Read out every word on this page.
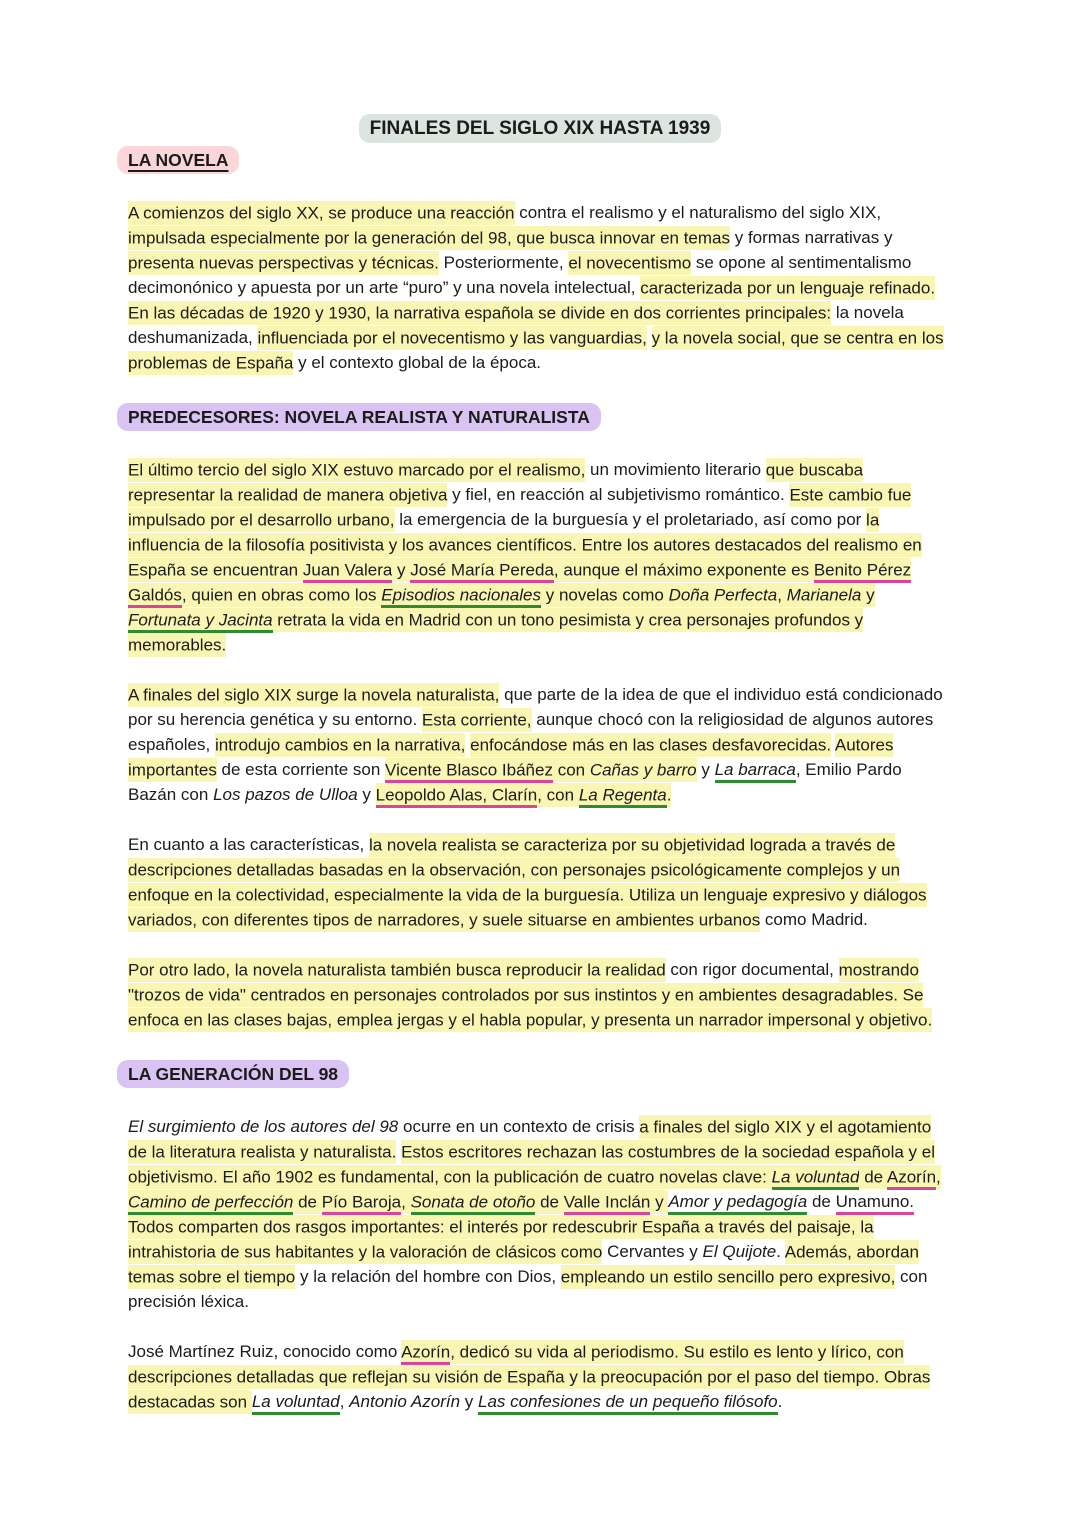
FINALES DEL SIGLO XIX HASTA 1939
LA NOVELA

A comienzos del siglo XX, se produce una reacción contra el realismo y el naturalismo del siglo XIX, impulsada especialmente por la generación del 98, que busca innovar en temas y formas narrativas y presenta nuevas perspectivas y técnicas. Posteriormente, el novecentismo se opone al sentimentalismo decimonónico y apuesta por un arte “puro” y una novela intelectual, caracterizada por un lenguaje refinado. En las décadas de 1920 y 1930, la narrativa española se divide en dos corrientes principales: la novela deshumanizada, influenciada por el novecentismo y las vanguardias, y la novela social, que se centra en los problemas de España y el contexto global de la época.

PREDECESORES: NOVELA REALISTA Y NATURALISTA

El último tercio del siglo XIX estuvo marcado por el realismo, un movimiento literario que buscaba representar la realidad de manera objetiva y fiel, en reacción al subjetivismo romántico. Este cambio fue impulsado por el desarrollo urbano, la emergencia de la burguesía y el proletariado, así como por la influencia de la filosofía positivista y los avances científicos. Entre los autores destacados del realismo en España se encuentran Juan Valera y José María Pereda, aunque el máximo exponente es Benito Pérez Galdós, quien en obras como los Episodios nacionales y novelas como Doña Perfecta, Marianela y Fortunata y Jacinta retrata la vida en Madrid con un tono pesimista y crea personajes profundos y memorables.

A finales del siglo XIX surge la novela naturalista, que parte de la idea de que el individuo está condicionado por su herencia genética y su entorno. Esta corriente, aunque chocó con la religiosidad de algunos autores españoles, introdujo cambios en la narrativa, enfocándose más en las clases desfavorecidas. Autores importantes de esta corriente son Vicente Blasco Ibáñez con Cañas y barro y La barraca, Emilio Pardo Bazán con Los pazos de Ulloa y Leopoldo Alas, Clarín, con La Regenta.

En cuanto a las características, la novela realista se caracteriza por su objetividad lograda a través de descripciones detalladas basadas en la observación, con personajes psicológicamente complejos y un enfoque en la colectividad, especialmente la vida de la burguesía. Utiliza un lenguaje expresivo y diálogos variados, con diferentes tipos de narradores, y suele situarse en ambientes urbanos como Madrid.

Por otro lado, la novela naturalista también busca reproducir la realidad con rigor documental, mostrando "trozos de vida" centrados en personajes controlados por sus instintos y en ambientes desagradables. Se enfoca en las clases bajas, emplea jergas y el habla popular, y presenta un narrador impersonal y objetivo.

LA GENERACIÓN DEL 98

El surgimiento de los autores del 98 ocurre en un contexto de crisis a finales del siglo XIX y el agotamiento de la literatura realista y naturalista. Estos escritores rechazan las costumbres de la sociedad española y el objetivismo. El año 1902 es fundamental, con la publicación de cuatro novelas clave: La voluntad de Azorín, Camino de perfección de Pío Baroja, Sonata de otoño de Valle Inclán y Amor y pedagogía de Unamuno. Todos comparten dos rasgos importantes: el interés por redescubrir España a través del paisaje, la intrahistoria de sus habitantes y la valoración de clásicos como Cervantes y El Quijote. Además, abordan temas sobre el tiempo y la relación del hombre con Dios, empleando un estilo sencillo pero expresivo, con precisión léxica.

José Martínez Ruiz, conocido como Azorín, dedicó su vida al periodismo. Su estilo es lento y lírico, con descripciones detalladas que reflejan su visión de España y la preocupación por el paso del tiempo. Obras destacadas son La voluntad, Antonio Azorín y Las confesiones de un pequeño filósofo.
